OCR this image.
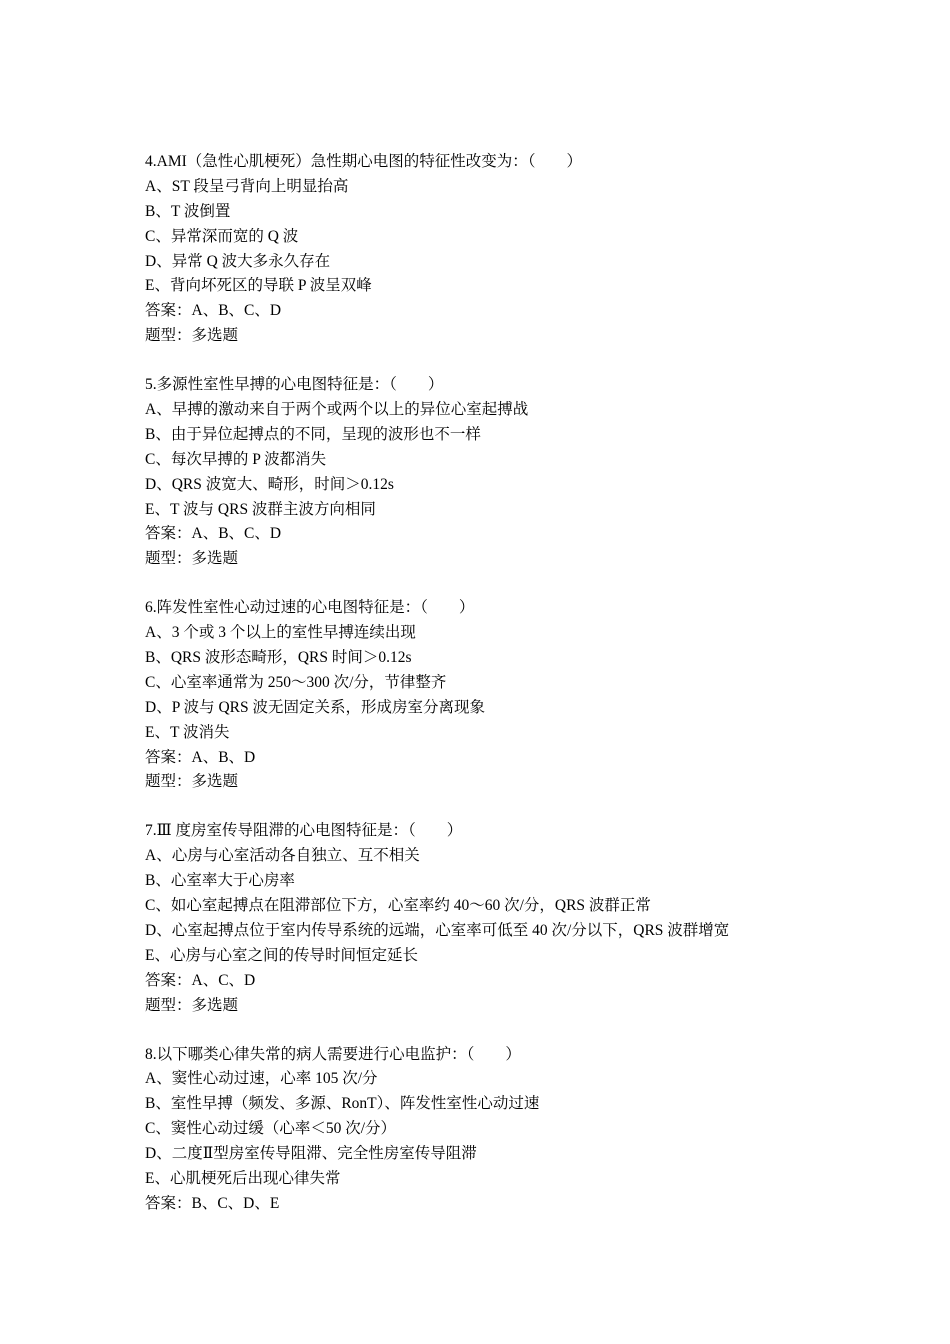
4.AMI（急性心肌梗死）急性期心电图的特征性改变为：（　　）
A、ST 段呈弓背向上明显抬高
B、T 波倒置
C、异常深而宽的 Q 波
D、异常 Q 波大多永久存在
E、背向坏死区的导联 P 波呈双峰
答案：A、B、C、D
题型：多选题
5.多源性室性早搏的心电图特征是：（　　）
A、早搏的激动来自于两个或两个以上的异位心室起搏战
B、由于异位起搏点的不同，呈现的波形也不一样
C、每次早搏的 P 波都消失
D、QRS 波宽大、畸形，时间＞0.12s
E、T 波与 QRS 波群主波方向相同
答案：A、B、C、D
题型：多选题
6.阵发性室性心动过速的心电图特征是：（　　）
A、3 个或 3 个以上的室性早搏连续出现
B、QRS 波形态畸形，QRS 时间＞0.12s
C、心室率通常为 250～300 次/分，节律整齐
D、P 波与 QRS 波无固定关系，形成房室分离现象
E、T 波消失
答案：A、B、D
题型：多选题
7.Ⅲ 度房室传导阻滞的心电图特征是：（　　）
A、心房与心室活动各自独立、互不相关
B、心室率大于心房率
C、如心室起搏点在阻滞部位下方，心室率约 40～60 次/分，QRS 波群正常
D、心室起搏点位于室内传导系统的远端，心室率可低至 40 次/分以下，QRS 波群增宽
E、心房与心室之间的传导时间恒定延长
答案：A、C、D
题型：多选题
8.以下哪类心律失常的病人需要进行心电监护：（　　）
A、窦性心动过速，心率 105 次/分
B、室性早搏（频发、多源、RonT）、阵发性室性心动过速
C、窦性心动过缓（心率＜50 次/分）
D、二度Ⅱ型房室传导阻滞、完全性房室传导阻滞
E、心肌梗死后出现心律失常
答案：B、C、D、E
